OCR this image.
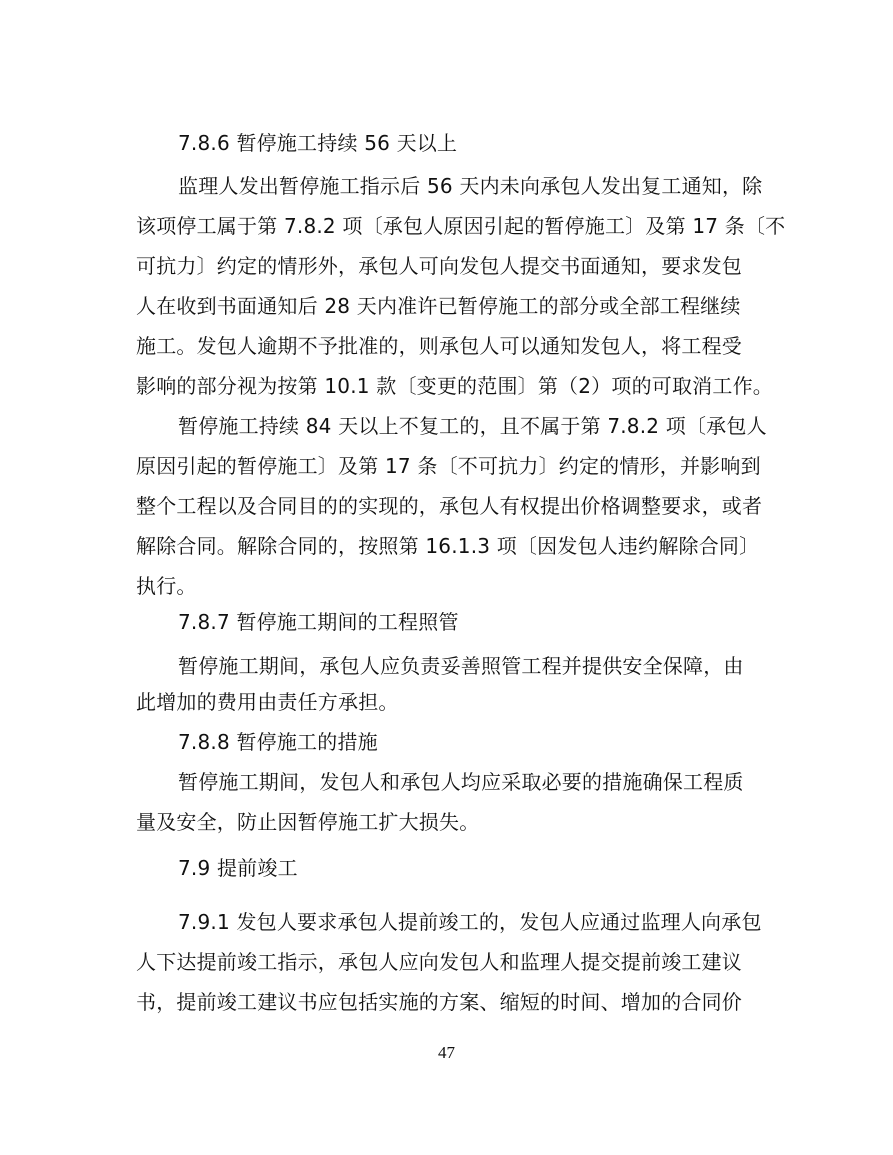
7.8.6 暂停施工持续 56 天以上

监理人发出暂停施工指示后 56 天内未向承包人发出复工通知，除

该项停工属于第 7.8.2 项〔承包人原因引起的暂停施工〕及第 17 条〔不

可抗力〕约定的情形外，承包人可向发包人提交书面通知，要求发包

人在收到书面通知后 28 天内准许已暂停施工的部分或全部工程继续

施工。发包人逾期不予批准的，则承包人可以通知发包人，将工程受

影响的部分视为按第 10.1 款〔变更的范围〕第（2）项的可取消工作。

暂停施工持续 84 天以上不复工的，且不属于第 7.8.2 项〔承包人

原因引起的暂停施工〕及第 17 条〔不可抗力〕约定的情形，并影响到

整个工程以及合同目的的实现的，承包人有权提出价格调整要求，或者

解除合同。解除合同的，按照第 16.1.3 项〔因发包人违约解除合同〕

执行。

7.8.7 暂停施工期间的工程照管

暂停施工期间，承包人应负责妥善照管工程并提供安全保障，由

此增加的费用由责任方承担。

7.8.8 暂停施工的措施

暂停施工期间，发包人和承包人均应采取必要的措施确保工程质

量及安全，防止因暂停施工扩大损失。

7.9 提前竣工

7.9.1 发包人要求承包人提前竣工的，发包人应通过监理人向承包

人下达提前竣工指示，承包人应向发包人和监理人提交提前竣工建议

书，提前竣工建议书应包括实施的方案、缩短的时间、增加的合同价

47
